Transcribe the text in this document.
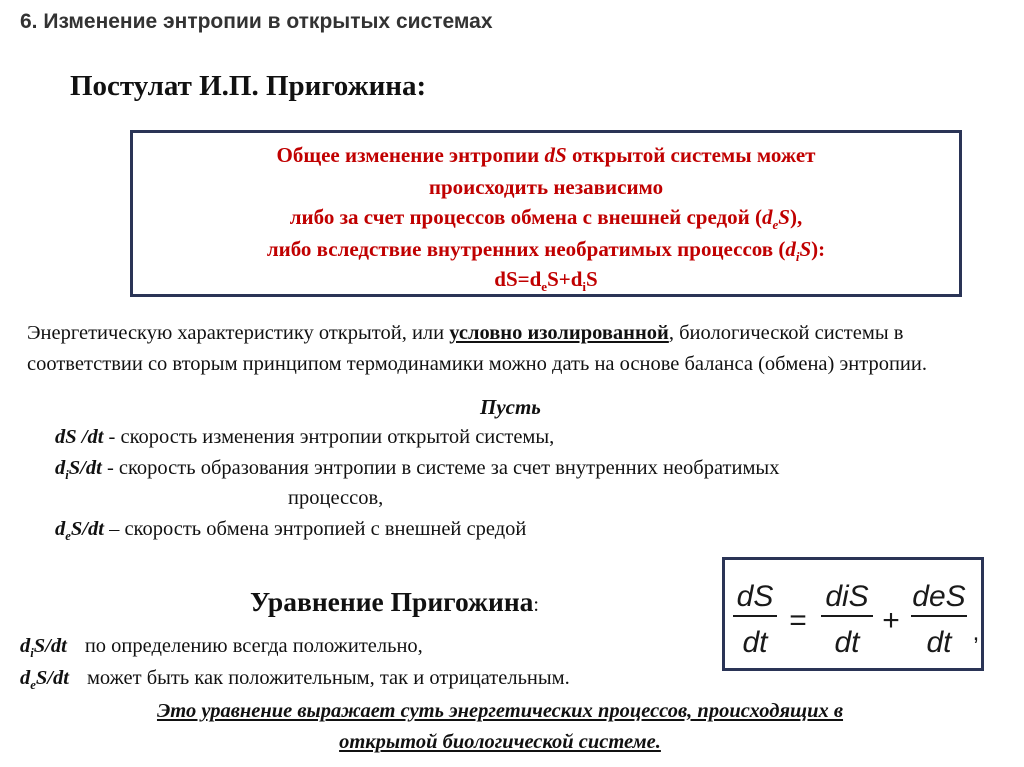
6. Изменение энтропии в открытых системах
Постулат И.П. Пригожина:
Общее изменение энтропии dS открытой системы может
происходить независимо
либо за счет процессов обмена с внешней средой $(d_eS)$,
либо вследствие внутренних необратимых процессов $(d_iS)$:
$dS=d_eS+d_iS$
Энергетическую характеристику открытой, или условно изолированной, биологической системы в соответствии со вторым принципом термодинамики можно дать на основе баланса (обмена) энтропии.
Пусть
dS /dt - скорость изменения энтропии открытой системы,
$d_iS/dt$ - скорость образования энтропии в системе за счет внутренних необратимых
процессов,
$d_eS/dt$ – скорость обмена энтропией с внешней средой
Уравнение Пригожина:	dS
dt
=
diS
dt
+
deS
dt ,
$d_iS/dt$ по определению всегда положительно,
$d_eS/dt$ может быть как положительным, так и отрицательным.
Это уравнение выражает суть энергетических процессов, происходящих в
открытой биологической системе.
